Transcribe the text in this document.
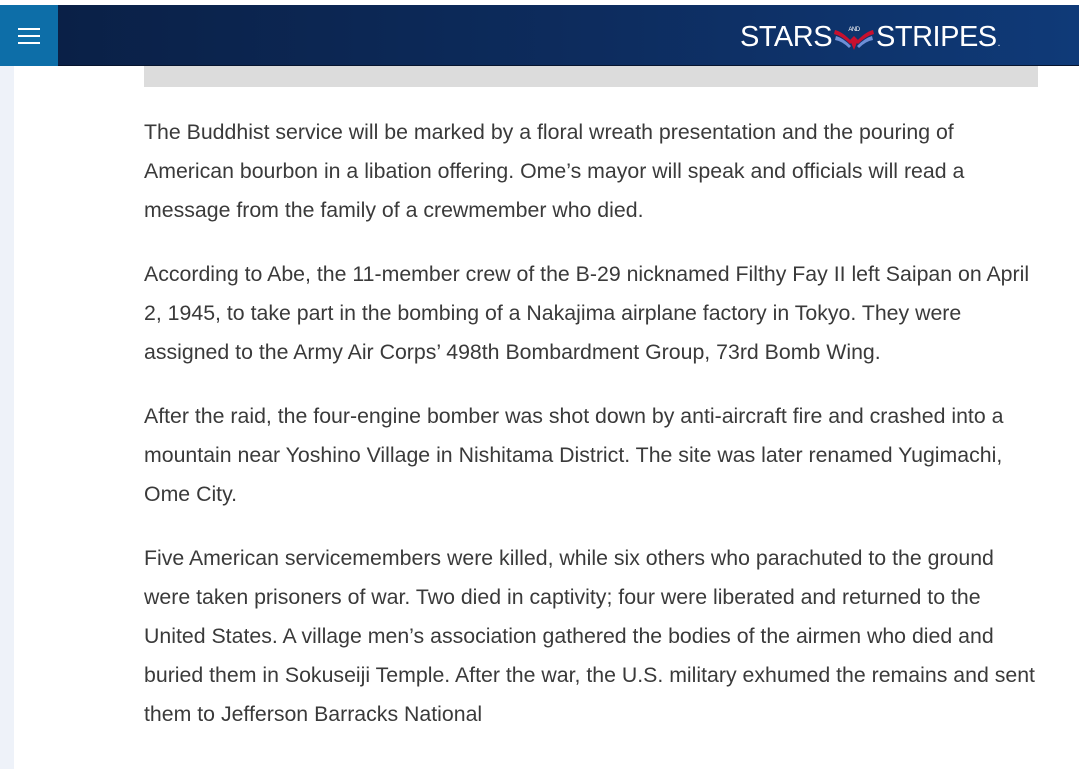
STARS	AND STRIPES .

The Buddhist service will be marked by a floral wreath presentation and the pouring of American bourbon in a libation offering. Ome’s mayor will speak and officials will read a message from the family of a crewmember who died.

According to Abe, the 11-member crew of the B-29 nicknamed Filthy Fay II left Saipan on April 2, 1945, to take part in the bombing of a Nakajima airplane factory in Tokyo. They were assigned to the Army Air Corps’ 498th Bombardment Group, 73rd Bomb Wing.

After the raid, the four-engine bomber was shot down by anti-aircraft fire and crashed into a mountain near Yoshino Village in Nishitama District. The site was later renamed Yugimachi, Ome City.

Five American servicemembers were killed, while six others who parachuted to the ground were taken prisoners of war. Two died in captivity; four were liberated and returned to the United States. A village men’s association gathered the bodies of the airmen who died and buried them in Sokuseiji Temple. After the war, the U.S. military exhumed the remains and sent them to Jefferson Barracks National
